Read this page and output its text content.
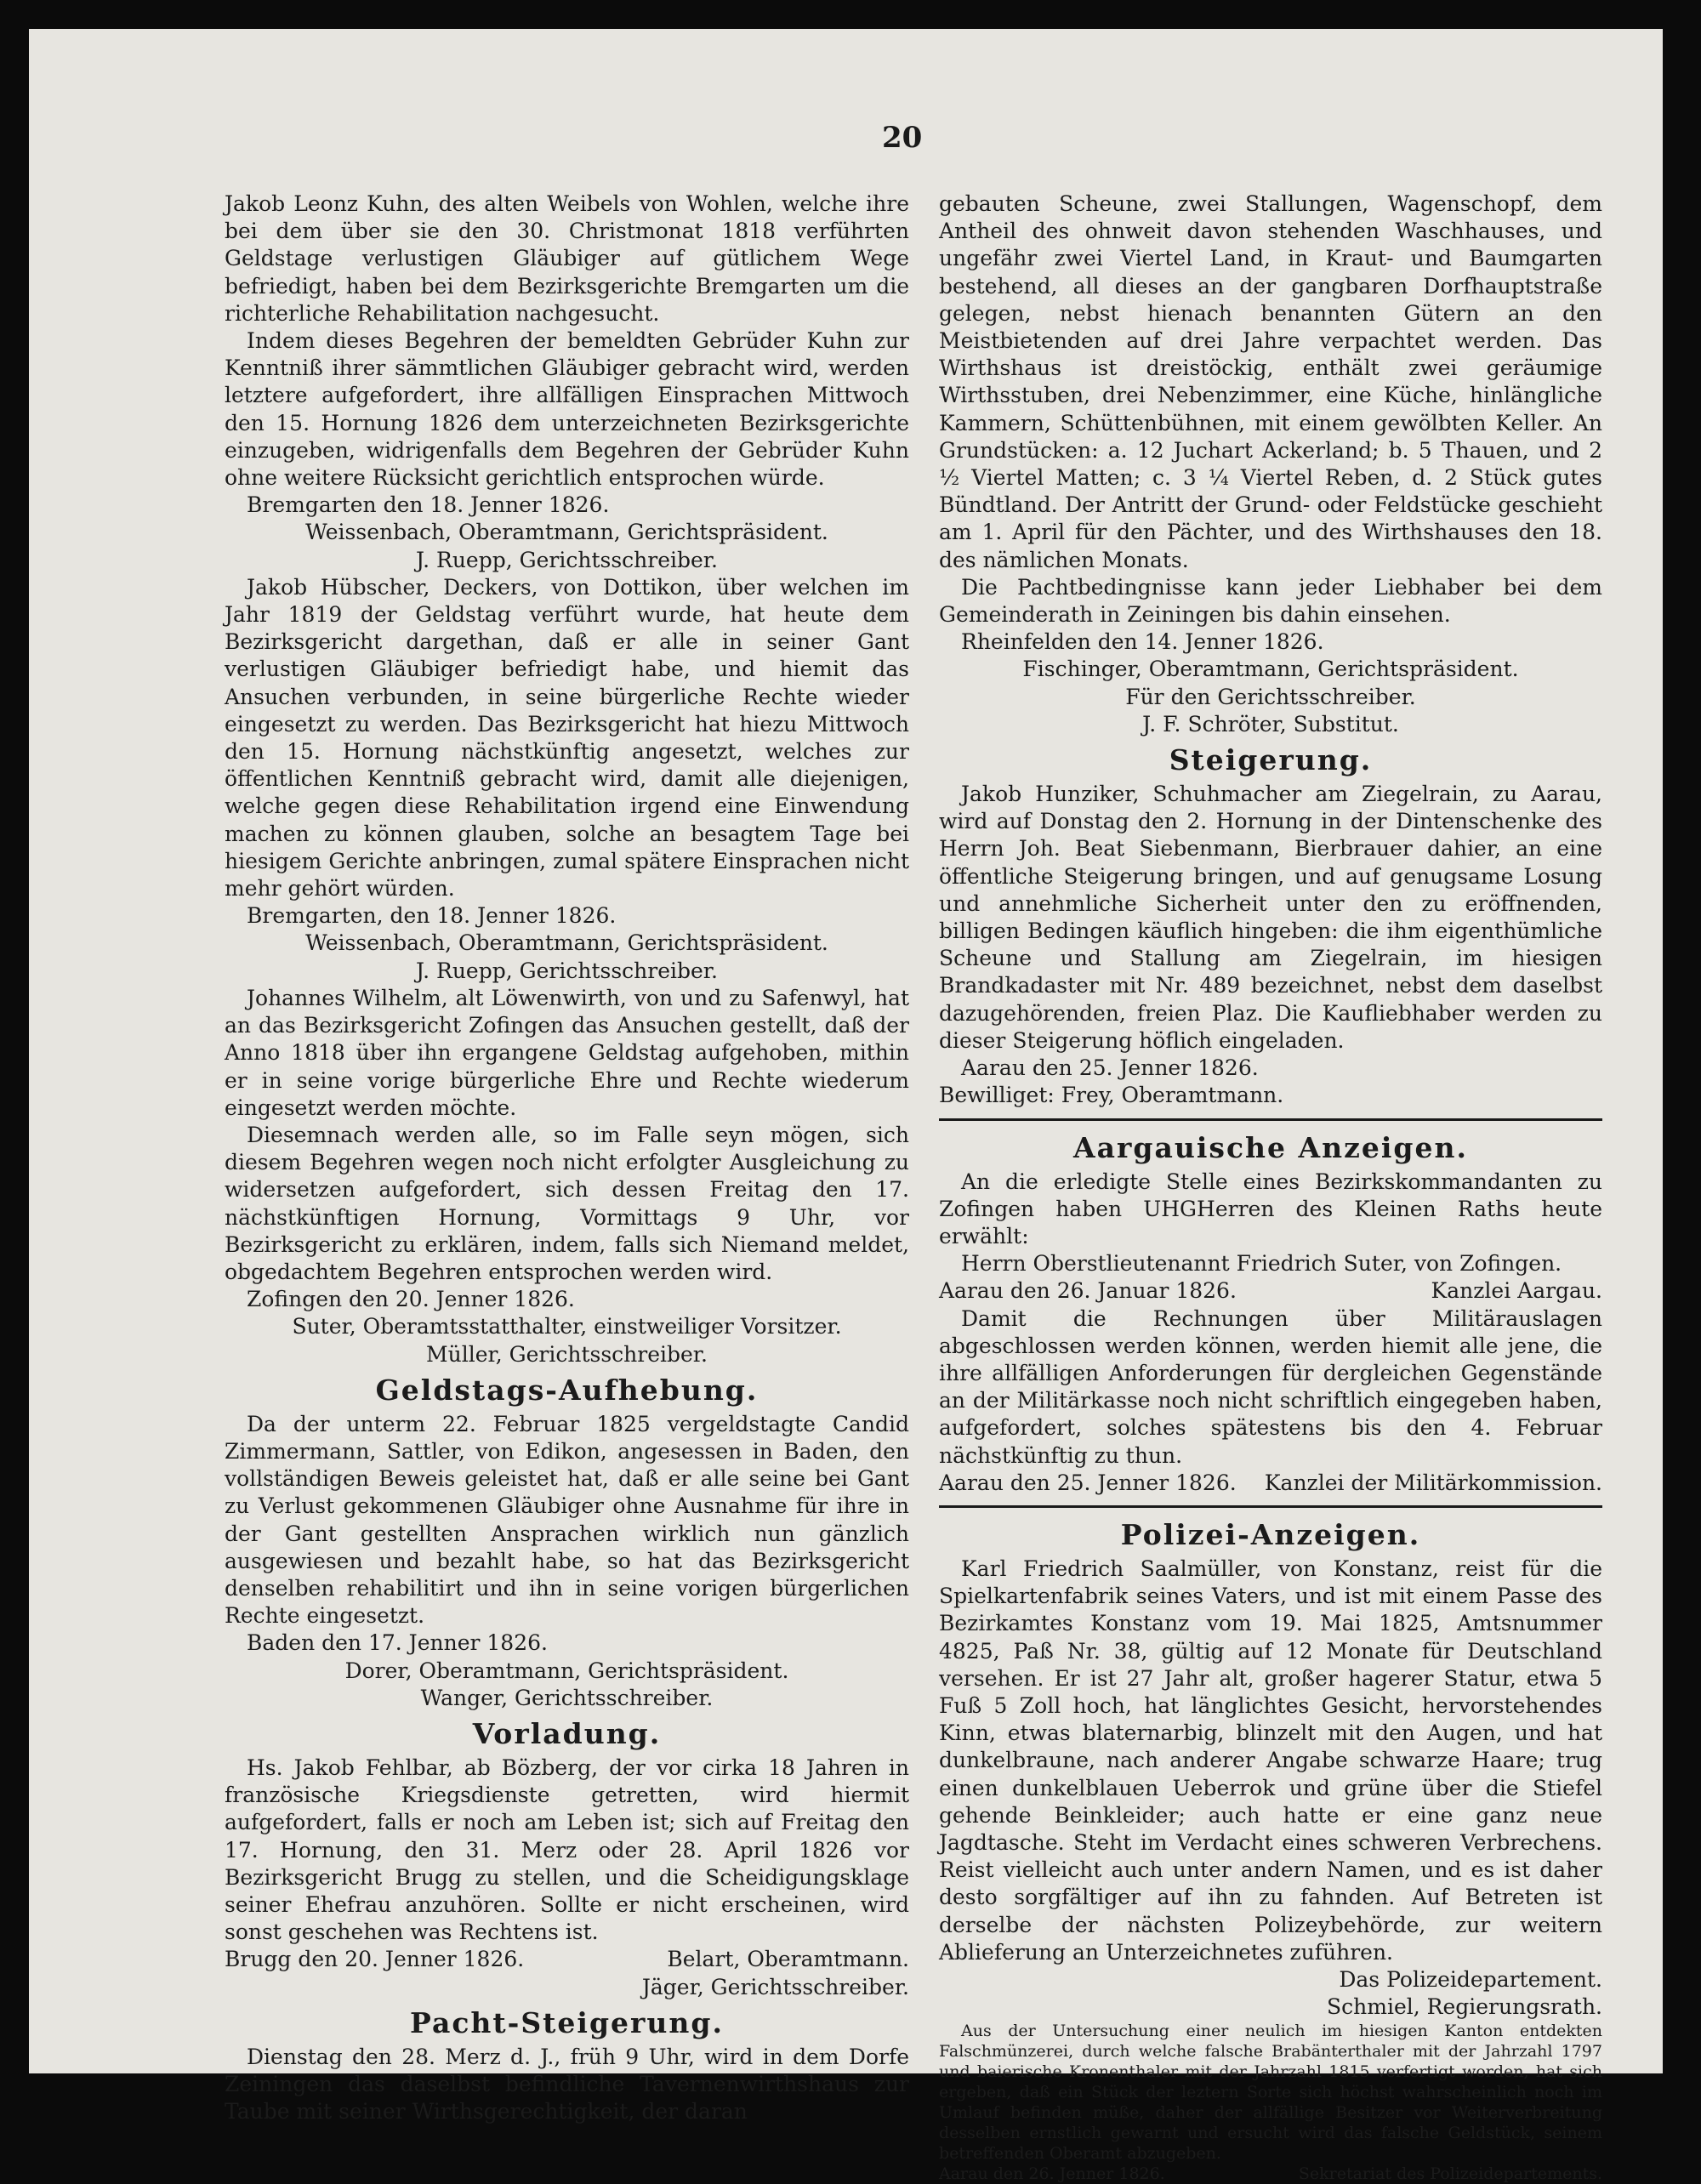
20

Jakob Leonz Kuhn, des alten Weibels von Wohlen, welche ihre bei dem über sie den 30. Christmonat 1818 verführten Geldstage verlustigen Gläubiger auf gütlichem Wege befriedigt, haben bei dem Bezirksgerichte Bremgarten um die richterliche Rehabilitation nachgesucht.

Indem dieses Begehren der bemeldten Gebrüder Kuhn zur Kenntniß ihrer sämmtlichen Gläubiger gebracht wird, werden letztere aufgefordert, ihre allfälligen Einsprachen Mittwoch den 15. Hornung 1826 dem unterzeichneten Bezirksgerichte einzugeben, widrigenfalls dem Begehren der Gebrüder Kuhn ohne weitere Rücksicht gerichtlich entsprochen würde.

Bremgarten den 18. Jenner 1826.

Weissenbach, Oberamtmann, Gerichtspräsident.

J. Ruepp, Gerichtsschreiber.

Jakob Hübscher, Deckers, von Dottikon, über welchen im Jahr 1819 der Geldstag verführt wurde, hat heute dem Bezirksgericht dargethan, daß er alle in seiner Gant verlustigen Gläubiger befriedigt habe, und hiemit das Ansuchen verbunden, in seine bürgerliche Rechte wieder eingesetzt zu werden. Das Bezirksgericht hat hiezu Mittwoch den 15. Hornung nächstkünftig angesetzt, welches zur öffentlichen Kenntniß gebracht wird, damit alle diejenigen, welche gegen diese Rehabilitation irgend eine Einwendung machen zu können glauben, solche an besagtem Tage bei hiesigem Gerichte anbringen, zumal spätere Einsprachen nicht mehr gehört würden.

Bremgarten, den 18. Jenner 1826.

Weissenbach, Oberamtmann, Gerichtspräsident.

J. Ruepp, Gerichtsschreiber.

Johannes Wilhelm, alt Löwenwirth, von und zu Safenwyl, hat an das Bezirksgericht Zofingen das Ansuchen gestellt, daß der Anno 1818 über ihn ergangene Geldstag aufgehoben, mithin er in seine vorige bürgerliche Ehre und Rechte wiederum eingesetzt werden möchte.

Diesemnach werden alle, so im Falle seyn mögen, sich diesem Begehren wegen noch nicht erfolgter Ausgleichung zu widersetzen aufgefordert, sich dessen Freitag den 17. nächstkünftigen Hornung, Vormittags 9 Uhr, vor Bezirksgericht zu erklären, indem, falls sich Niemand meldet, obgedachtem Begehren entsprochen werden wird.

Zofingen den 20. Jenner 1826.

Suter, Oberamtsstatthalter, einstweiliger Vorsitzer.

Müller, Gerichtsschreiber.

Geldstags-Aufhebung.

Da der unterm 22. Februar 1825 vergeldstagte Candid Zimmermann, Sattler, von Edikon, angesessen in Baden, den vollständigen Beweis geleistet hat, daß er alle seine bei Gant zu Verlust gekommenen Gläubiger ohne Ausnahme für ihre in der Gant gestellten Ansprachen wirklich nun gänzlich ausgewiesen und bezahlt habe, so hat das Bezirksgericht denselben rehabilitirt und ihn in seine vorigen bürgerlichen Rechte eingesetzt.

Baden den 17. Jenner 1826.

Dorer, Oberamtmann, Gerichtspräsident.

Wanger, Gerichtsschreiber.

Vorladung.

Hs. Jakob Fehlbar, ab Bözberg, der vor cirka 18 Jahren in französische Kriegsdienste getretten, wird hiermit aufgefordert, falls er noch am Leben ist; sich auf Freitag den 17. Hornung, den 31. Merz oder 28. April 1826 vor Bezirksgericht Brugg zu stellen, und die Scheidigungsklage seiner Ehefrau anzuhören. Sollte er nicht erscheinen, wird sonst geschehen was Rechtens ist.

Brugg den 20. Jenner 1826.	Belart, Oberamtmann.

Jäger, Gerichtsschreiber.

Pacht-Steigerung.

Dienstag den 28. Merz d. J., früh 9 Uhr, wird in dem Dorfe Zeiningen das daselbst befindliche Tavernenwirthshaus zur Taube mit seiner Wirthsgerechtigkeit, der daran

gebauten Scheune, zwei Stallungen, Wagenschopf, dem Antheil des ohnweit davon stehenden Waschhauses, und ungefähr zwei Viertel Land, in Kraut- und Baumgarten bestehend, all dieses an der gangbaren Dorfhauptstraße gelegen, nebst hienach benannten Gütern an den Meistbietenden auf drei Jahre verpachtet werden. Das Wirthshaus ist dreistöckig, enthält zwei geräumige Wirthsstuben, drei Nebenzimmer, eine Küche, hinlängliche Kammern, Schüttenbühnen, mit einem gewölbten Keller. An Grundstücken: a. 12 Juchart Ackerland; b. 5 Thauen, und 2 ½ Viertel Matten; c. 3 ¼ Viertel Reben, d. 2 Stück gutes Bündtland. Der Antritt der Grund- oder Feldstücke geschieht am 1. April für den Pächter, und des Wirthshauses den 18. des nämlichen Monats.

Die Pachtbedingnisse kann jeder Liebhaber bei dem Gemeinderath in Zeiningen bis dahin einsehen.

Rheinfelden den 14. Jenner 1826.

Fischinger, Oberamtmann, Gerichtspräsident.

Für den Gerichtsschreiber.

J. F. Schröter, Substitut.

Steigerung.

Jakob Hunziker, Schuhmacher am Ziegelrain, zu Aarau, wird auf Donstag den 2. Hornung in der Dintenschenke des Herrn Joh. Beat Siebenmann, Bierbrauer dahier, an eine öffentliche Steigerung bringen, und auf genugsame Losung und annehmliche Sicherheit unter den zu eröffnenden, billigen Bedingen käuflich hingeben: die ihm eigenthümliche Scheune und Stallung am Ziegelrain, im hiesigen Brandkadaster mit Nr. 489 bezeichnet, nebst dem daselbst dazugehörenden, freien Plaz. Die Kaufliebhaber werden zu dieser Steigerung höflich eingeladen.

Aarau den 25. Jenner 1826.

Bewilliget: Frey, Oberamtmann.

Aargauische Anzeigen.

An die erledigte Stelle eines Bezirkskommandanten zu Zofingen haben UHGHerren des Kleinen Raths heute erwählt:

Herrn Oberstlieutenannt Friedrich Suter, von Zofingen.

Aarau den 26. Januar 1826.	Kanzlei Aargau.

Damit die Rechnungen über Militärauslagen abgeschlossen werden können, werden hiemit alle jene, die ihre allfälligen Anforderungen für dergleichen Gegenstände an der Militärkasse noch nicht schriftlich eingegeben haben, aufgefordert, solches spätestens bis den 4. Februar nächstkünftig zu thun.

Aarau den 25. Jenner 1826. Kanzlei der Militärkommission.
Polizei-Anzeigen.

Karl Friedrich Saalmüller, von Konstanz, reist für die Spielkartenfabrik seines Vaters, und ist mit einem Passe des Bezirkamtes Konstanz vom 19. Mai 1825, Amtsnummer 4825, Paß Nr. 38, gültig auf 12 Monate für Deutschland versehen. Er ist 27 Jahr alt, großer hagerer Statur, etwa 5 Fuß 5 Zoll hoch, hat länglichtes Gesicht, hervorstehendes Kinn, etwas blaternarbig, blinzelt mit den Augen, und hat dunkelbraune, nach anderer Angabe schwarze Haare; trug einen dunkelblauen Ueberrok und grüne über die Stiefel gehende Beinkleider; auch hatte er eine ganz neue Jagdtasche. Steht im Verdacht eines schweren Verbrechens. Reist vielleicht auch unter andern Namen, und es ist daher desto sorgfältiger auf ihn zu fahnden. Auf Betreten ist derselbe der nächsten Polizeybehörde, zur weitern Ablieferung an Unterzeichnetes zuführen.

Das Polizeidepartement.

Schmiel, Regierungsrath.

Aus der Untersuchung einer neulich im hiesigen Kanton entdekten Falschmünzerei, durch welche falsche Brabänterthaler mit der Jahrzahl 1797 und baierische Kronenthaler mit der Jahrzahl 1815 verfertigt worden, hat sich ergeben, daß ein Stück der leztern Sorte sich höchst wahrscheinlich noch im Umlauf befinden müße, daher der allfällige Besitzer vor Weiterverbreitung desselben ernstlich gewarnt und ersucht wird das falsche Geldstück, seinem betreffenden Oberamt abzugeben.

Aarau den 26. Jenner 1826.	Sekretariat des Polizeidepartements.
